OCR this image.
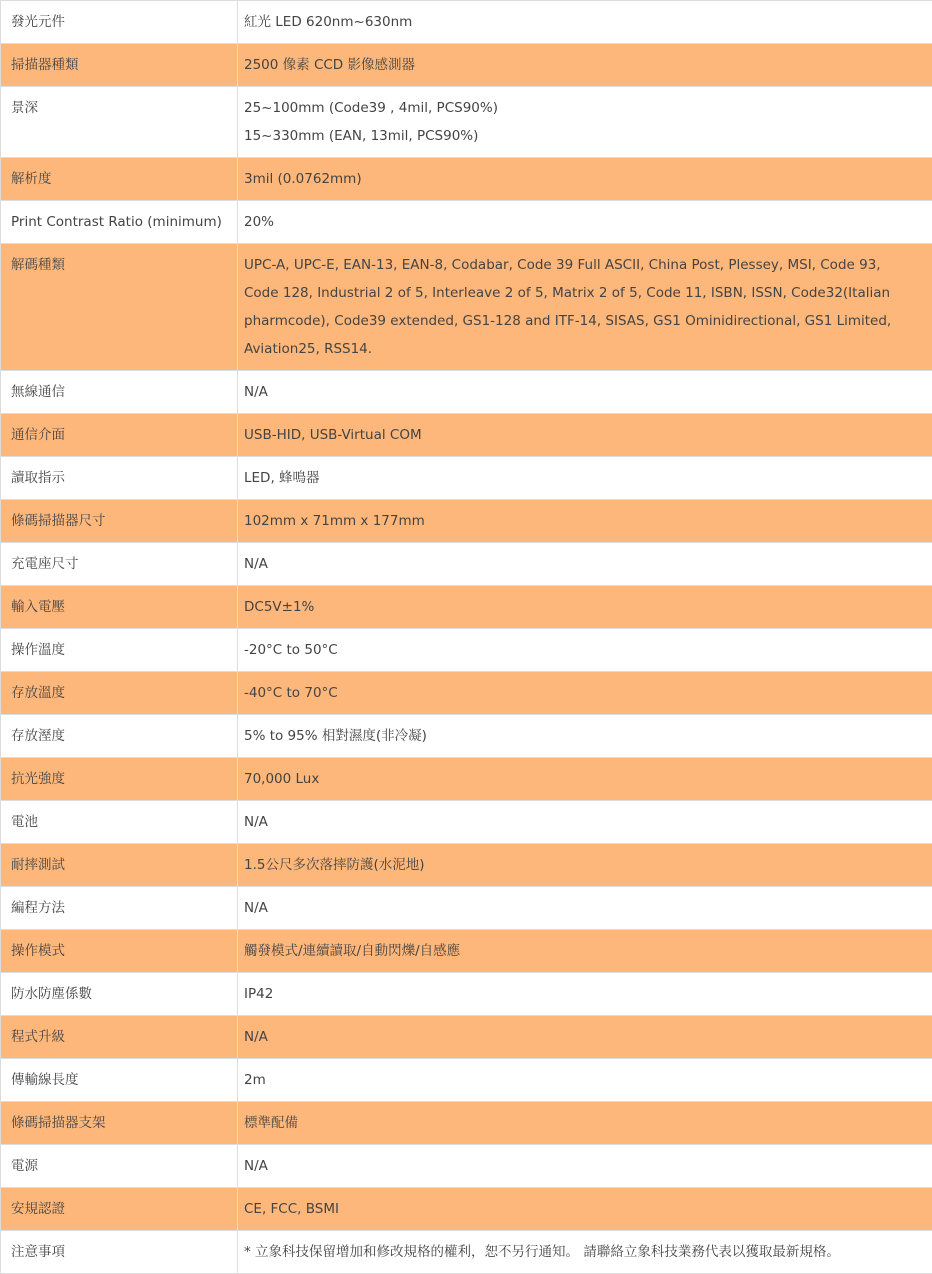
發光元件	紅光 LED 620nm~630nm

掃描器種類	2500 像素 CCD 影像感測器

景深	25~100mm (Code39 , 4mil, PCS90%)
15~330mm (EAN, 13mil, PCS90%)

解析度	3mil (0.0762mm)

Print Contrast Ratio (minimum)	20%

解碼種類	UPC-A, UPC-E, EAN-13, EAN-8, Codabar, Code 39 Full ASCII, China Post, Plessey, MSI, Code 93,
Code 128, Industrial 2 of 5, Interleave 2 of 5, Matrix 2 of 5, Code 11, ISBN, ISSN, Code32(Italian
pharmcode), Code39 extended, GS1-128 and ITF-14, SISAS, GS1 Ominidirectional, GS1 Limited,
Aviation25, RSS14.

無線通信	N/A

通信介面	USB-HID, USB-Virtual COM

讀取指示	LED, 蜂鳴器

條碼掃描器尺寸	102mm x 71mm x 177mm

充電座尺寸	N/A

輸入電壓	DC5V±1%

操作溫度	-20°C to 50°C

存放溫度	-40°C to 70°C

存放溼度	5% to 95% 相對濕度(非冷凝)

抗光強度	70,000 Lux

電池	N/A

耐摔測試	1.5公尺多次落摔防護(水泥地)

編程方法	N/A

操作模式	觸發模式/連續讀取/自動閃爍/自感應

防水防塵係數	IP42

程式升級	N/A

傳輸線長度	2m

條碼掃描器支架	標準配備

電源	N/A

安規認證	CE, FCC, BSMI

注意事項	* 立象科技保留增加和修改規格的權利，恕不另行通知。 請聯絡立象科技業務代表以獲取最新規格。
